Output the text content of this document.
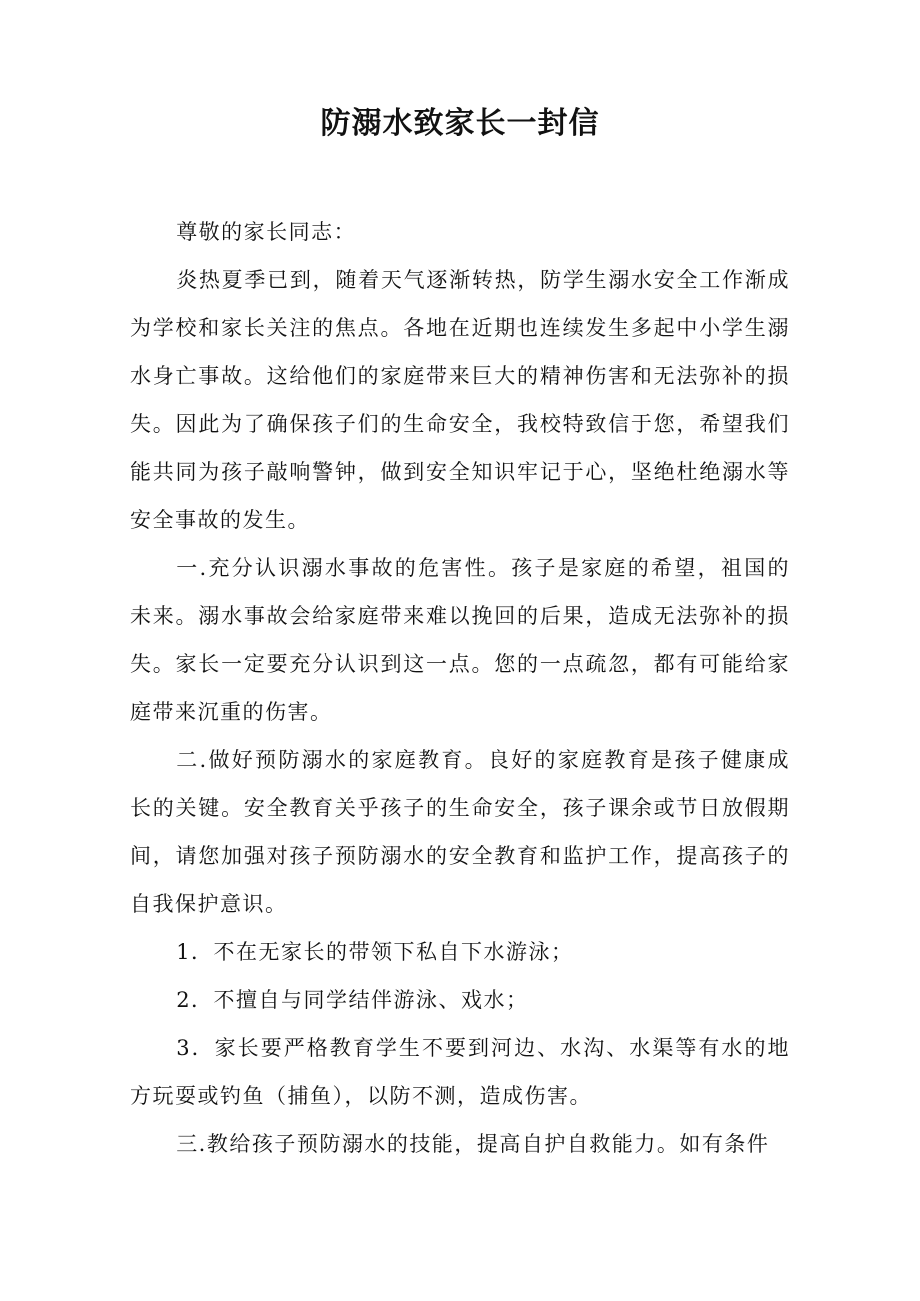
防溺水致家长一封信

尊敬的家长同志：

炎热夏季已到，随着天气逐渐转热，防学生溺水安全工作渐成为学校和家长关注的焦点。各地在近期也连续发生多起中小学生溺水身亡事故。这给他们的家庭带来巨大的精神伤害和无法弥补的损失。因此为了确保孩子们的生命安全，我校特致信于您，希望我们能共同为孩子敲响警钟，做到安全知识牢记于心，坚绝杜绝溺水等安全事故的发生。

一.充分认识溺水事故的危害性。孩子是家庭的希望，祖国的未来。溺水事故会给家庭带来难以挽回的后果，造成无法弥补的损失。家长一定要充分认识到这一点。您的一点疏忽，都有可能给家庭带来沉重的伤害。

二.做好预防溺水的家庭教育。良好的家庭教育是孩子健康成长的关键。安全教育关乎孩子的生命安全，孩子课余或节日放假期间，请您加强对孩子预防溺水的安全教育和监护工作，提高孩子的自我保护意识。

1．不在无家长的带领下私自下水游泳；

2．不擅自与同学结伴游泳、戏水；

3．家长要严格教育学生不要到河边、水沟、水渠等有水的地方玩耍或钓鱼（捕鱼），以防不测，造成伤害。

三.教给孩子预防溺水的技能，提高自护自救能力。如有条件
